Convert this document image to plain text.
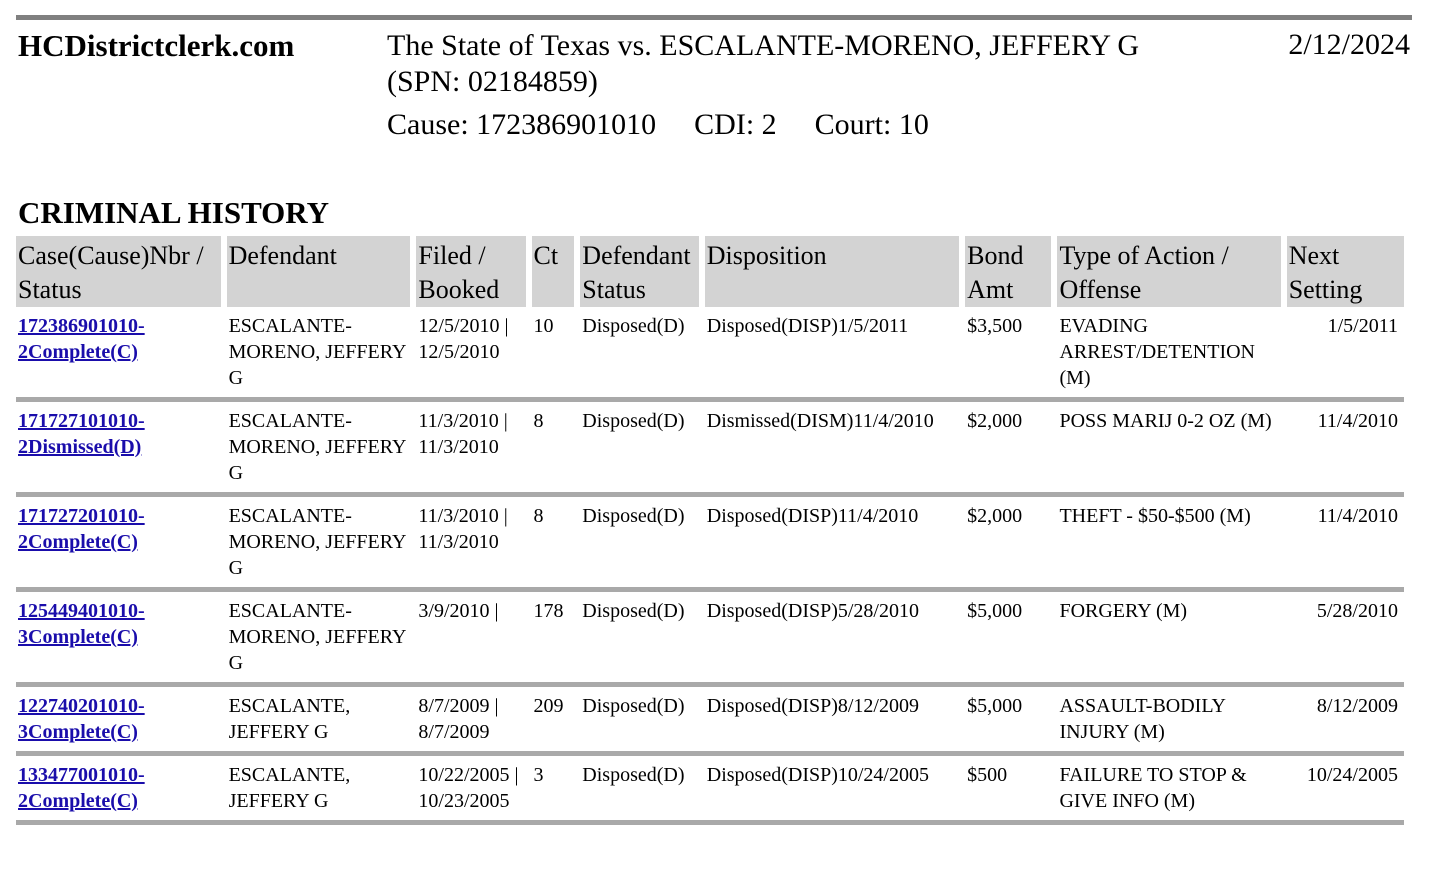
HCDistrictclerk.com	The State of Texas vs. ESCALANTE-MORENO, JEFFERY G (SPN: 02184859)
2/12/2024
Cause: 172386901010 CDI: 2 Court: 10
CRIMINAL HISTORY
Case(Cause)Nbr / Status	Defendant	Filed / Booked	Ct	Defendant Status	Disposition	Bond Amt	Type of Action / Offense	Next Setting
172386901010-2Complete(C)	ESCALANTE-MORENO, JEFFERY G	12/5/2010 | 12/5/2010	10	Disposed(D)	Disposed(DISP)1/5/2011	$3,500	EVADING ARREST/DETENTION (M)	1/5/2011
171727101010-2Dismissed(D)	ESCALANTE-MORENO, JEFFERY G	11/3/2010 | 11/3/2010	8	Disposed(D)	Dismissed(DISM)11/4/2010	$2,000	POSS MARIJ 0-2 OZ (M)	11/4/2010
171727201010-2Complete(C)	ESCALANTE-MORENO, JEFFERY G	11/3/2010 | 11/3/2010	8	Disposed(D)	Disposed(DISP)11/4/2010	$2,000	THEFT - $50-$500 (M)	11/4/2010
125449401010-3Complete(C)	ESCALANTE-MORENO, JEFFERY G	3/9/2010 |	178	Disposed(D)	Disposed(DISP)5/28/2010	$5,000	FORGERY (M)	5/28/2010
122740201010-3Complete(C)	ESCALANTE, JEFFERY G	8/7/2009 | 8/7/2009	209	Disposed(D)	Disposed(DISP)8/12/2009	$5,000	ASSAULT-BODILY INJURY (M)	8/12/2009
133477001010-2Complete(C)	ESCALANTE, JEFFERY G	10/22/2005 | 10/23/2005	3	Disposed(D)	Disposed(DISP)10/24/2005	$500	FAILURE TO STOP & GIVE INFO (M)	10/24/2005
